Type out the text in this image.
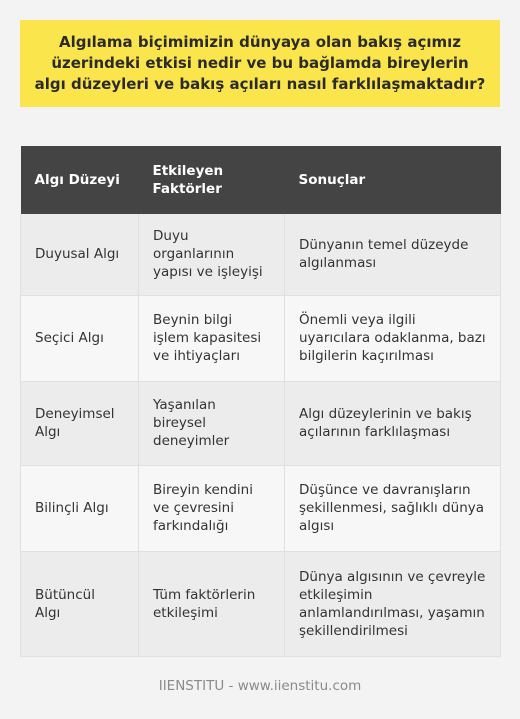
Algılama biçimimizin dünyaya olan bakış açımız üzerindeki etkisi nedir ve bu bağlamda bireylerin algı düzeyleri ve bakış açıları nasıl farklılaşmaktadır?
Algı Düzeyi	Etkileyen Faktörler	Sonuçlar
Duyusal Algı	Duyu organlarının yapısı ve işleyişi	Dünyanın temel düzeyde algılanması
Seçici Algı	Beynin bilgi işlem kapasitesi ve ihtiyaçları	Önemli veya ilgili uyarıcılara odaklanma, bazı bilgilerin kaçırılması
Deneyimsel Algı	Yaşanılan bireysel deneyimler	Algı düzeylerinin ve bakış açılarının farklılaşması
Bilinçli Algı	Bireyin kendini ve çevresini farkındalığı	Düşünce ve davranışların şekillenmesi, sağlıklı dünya algısı
Bütüncül Algı	Tüm faktörlerin etkileşimi	Dünya algısının ve çevreyle etkileşimin anlamlandırılması, yaşamın şekillendirilmesi
IIENSTITU - www.iienstitu.com
